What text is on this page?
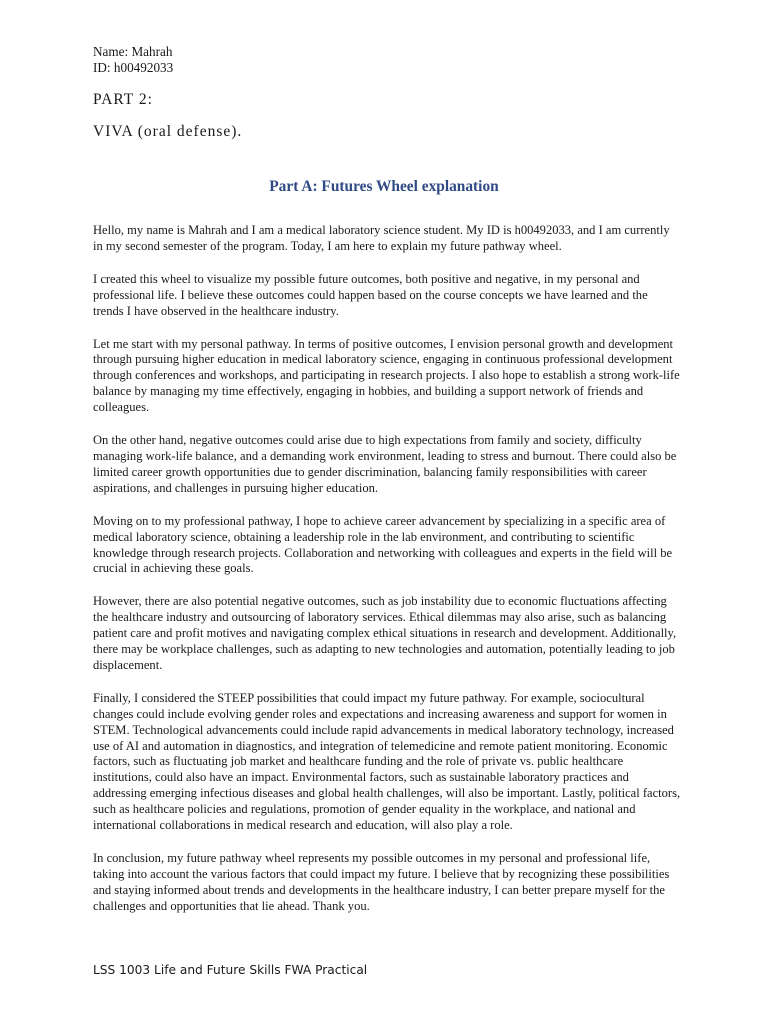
Name: Mahrah
ID: h00492033
PART 2:
VIVA (oral defense).
Part A: Futures Wheel explanation

Hello, my name is Mahrah and I am a medical laboratory science student. My ID is h00492033, and I am currently in my second semester of the program. Today, I am here to explain my future pathway wheel.

I created this wheel to visualize my possible future outcomes, both positive and negative, in my personal and professional life. I believe these outcomes could happen based on the course concepts we have learned and the trends I have observed in the healthcare industry.

Let me start with my personal pathway. In terms of positive outcomes, I envision personal growth and development through pursuing higher education in medical laboratory science, engaging in continuous professional development through conferences and workshops, and participating in research projects. I also hope to establish a strong work-life balance by managing my time effectively, engaging in hobbies, and building a support network of friends and colleagues.

On the other hand, negative outcomes could arise due to high expectations from family and society, difficulty managing work-life balance, and a demanding work environment, leading to stress and burnout. There could also be limited career growth opportunities due to gender discrimination, balancing family responsibilities with career aspirations, and challenges in pursuing higher education.

Moving on to my professional pathway, I hope to achieve career advancement by specializing in a specific area of medical laboratory science, obtaining a leadership role in the lab environment, and contributing to scientific knowledge through research projects. Collaboration and networking with colleagues and experts in the field will be crucial in achieving these goals.

However, there are also potential negative outcomes, such as job instability due to economic fluctuations affecting the healthcare industry and outsourcing of laboratory services. Ethical dilemmas may also arise, such as balancing patient care and profit motives and navigating complex ethical situations in research and development. Additionally, there may be workplace challenges, such as adapting to new technologies and automation, potentially leading to job displacement.

Finally, I considered the STEEP possibilities that could impact my future pathway. For example, sociocultural changes could include evolving gender roles and expectations and increasing awareness and support for women in STEM. Technological advancements could include rapid advancements in medical laboratory technology, increased use of AI and automation in diagnostics, and integration of telemedicine and remote patient monitoring. Economic factors, such as fluctuating job market and healthcare funding and the role of private vs. public healthcare institutions, could also have an impact. Environmental factors, such as sustainable laboratory practices and addressing emerging infectious diseases and global health challenges, will also be important. Lastly, political factors, such as healthcare policies and regulations, promotion of gender equality in the workplace, and national and international collaborations in medical research and education, will also play a role.

In conclusion, my future pathway wheel represents my possible outcomes in my personal and professional life, taking into account the various factors that could impact my future. I believe that by recognizing these possibilities and staying informed about trends and developments in the healthcare industry, I can better prepare myself for the challenges and opportunities that lie ahead. Thank you.

LSS 1003 Life and Future Skills FWA Practical
